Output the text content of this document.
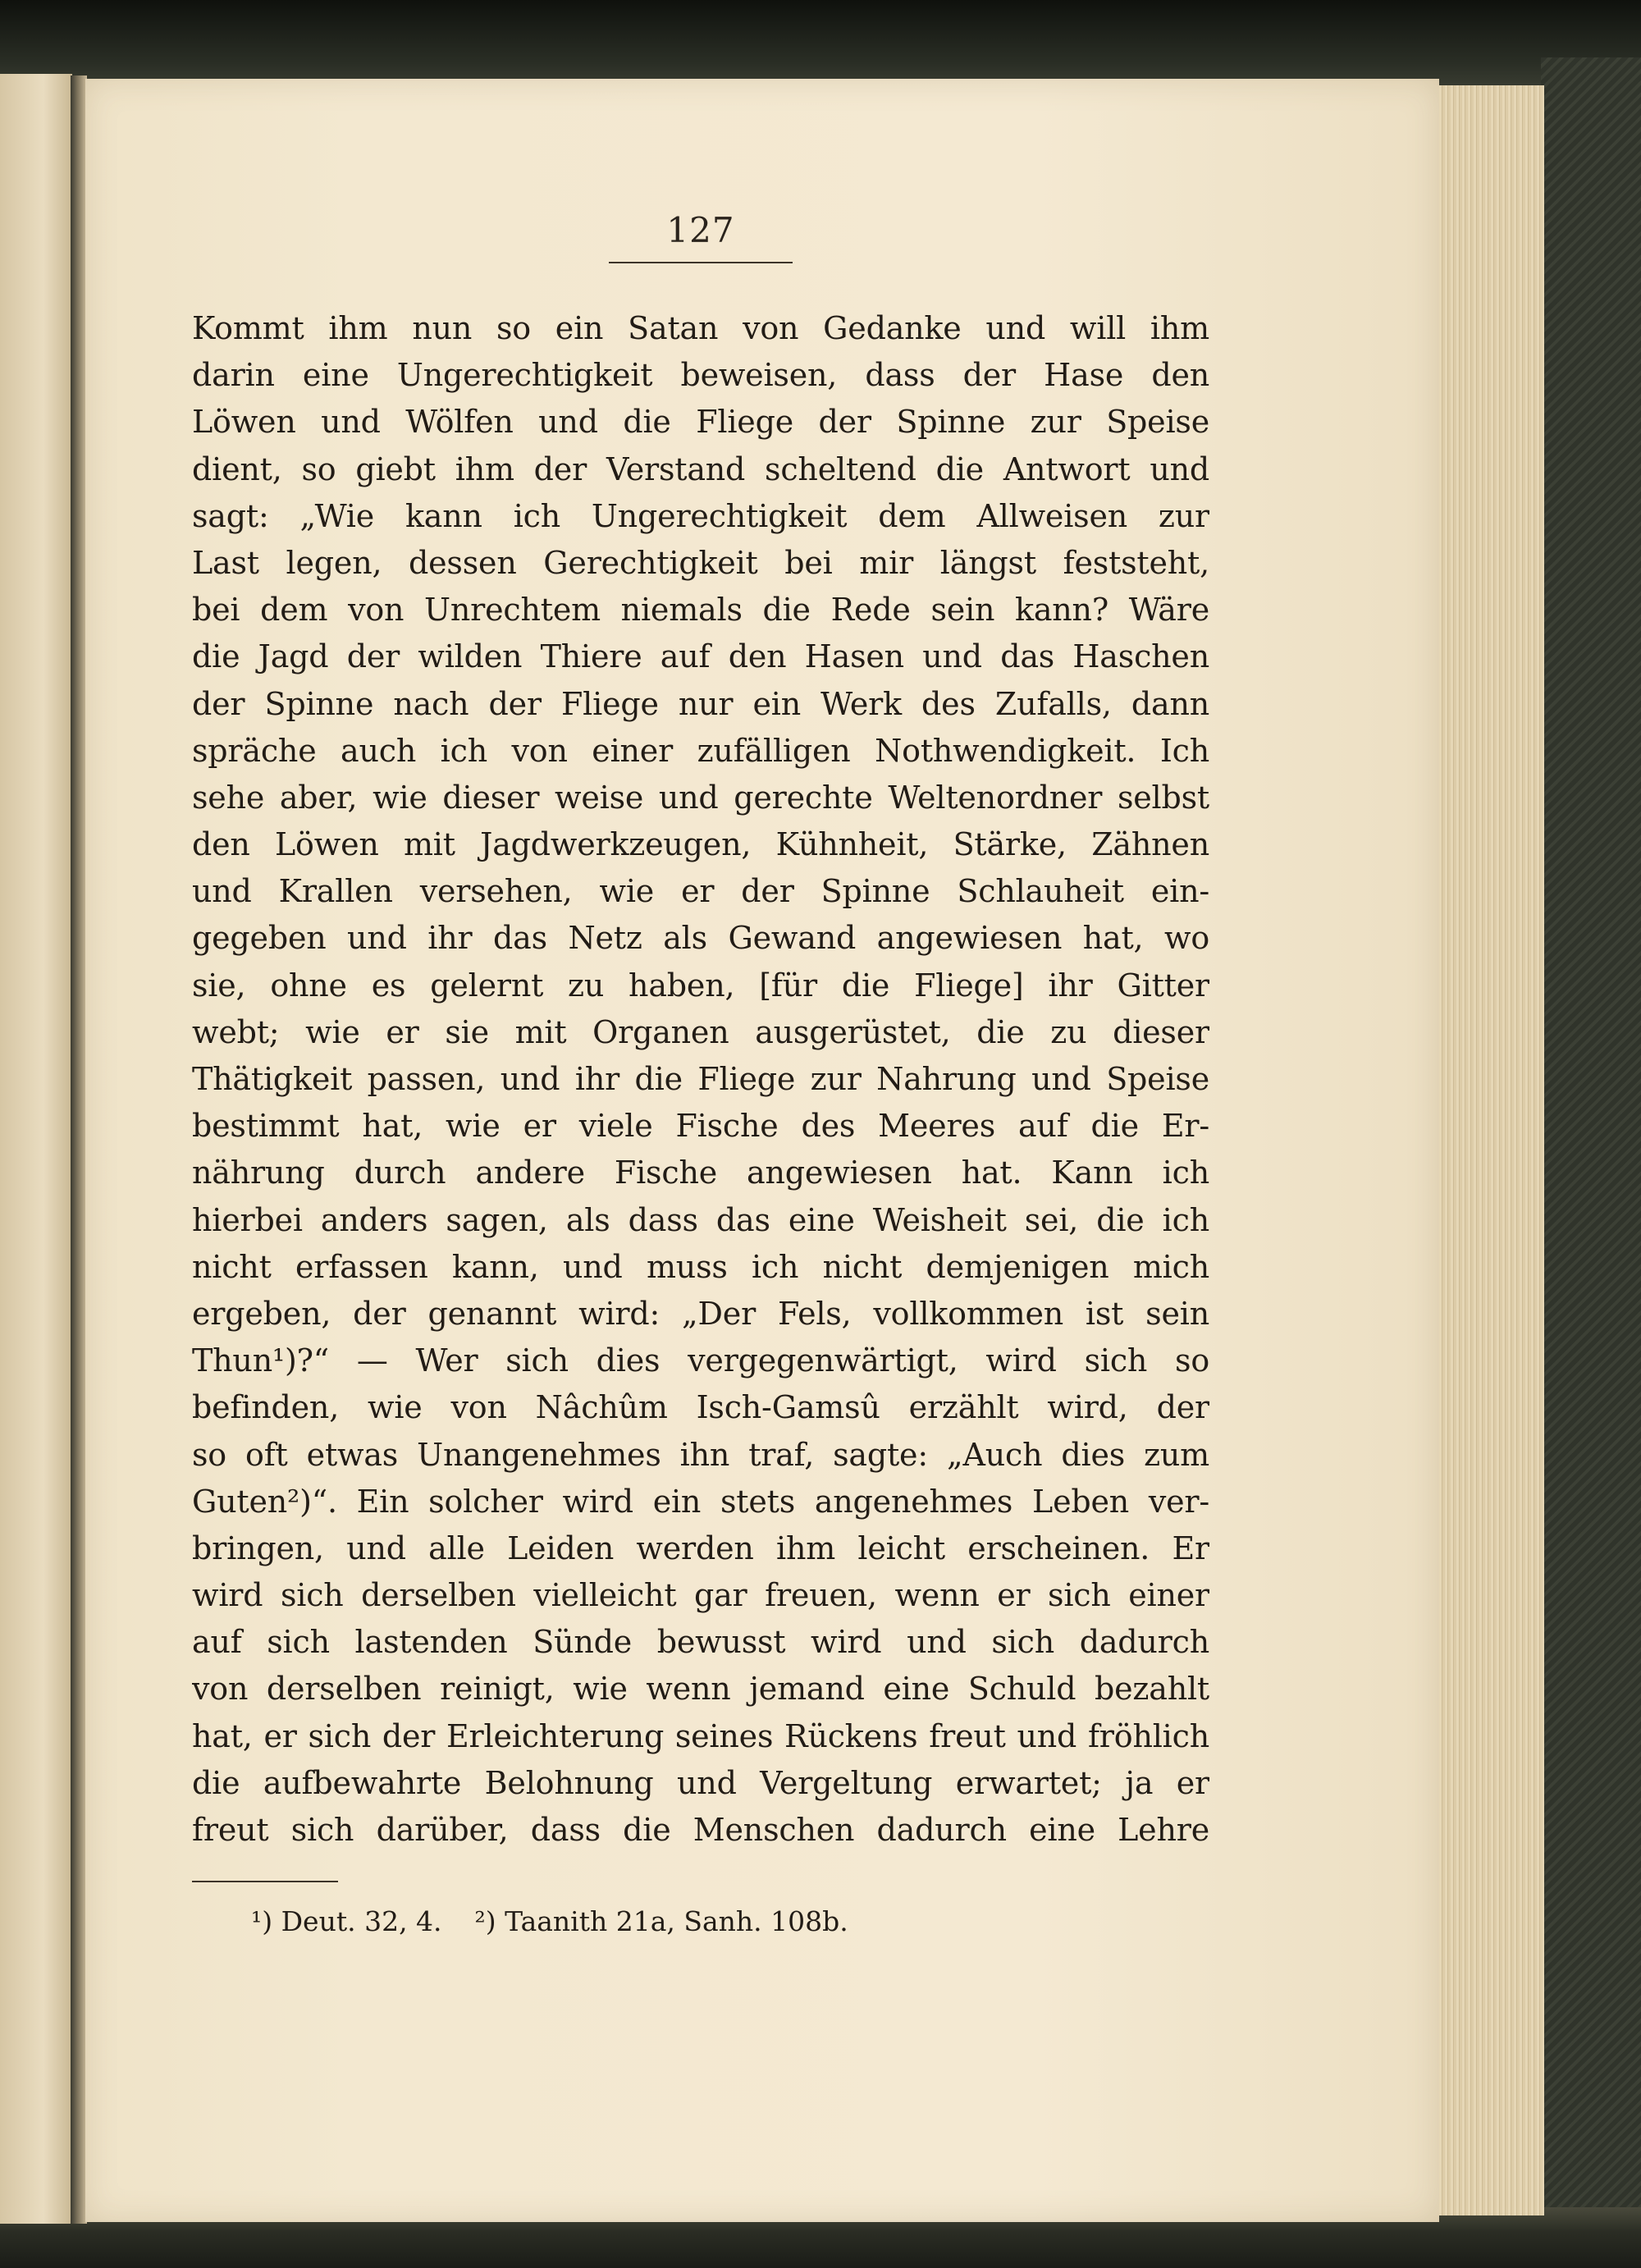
127
Kommt ihm nun so ein Satan von Gedanke und will ihm
darin eine Ungerechtigkeit beweisen, dass der Hase den
Löwen und Wölfen und die Fliege der Spinne zur Speise
dient, so giebt ihm der Verstand scheltend die Antwort und
sagt: „Wie kann ich Ungerechtigkeit dem Allweisen zur
Last legen, dessen Gerechtigkeit bei mir längst feststeht,
bei dem von Unrechtem niemals die Rede sein kann? Wäre
die Jagd der wilden Thiere auf den Hasen und das Haschen
der Spinne nach der Fliege nur ein Werk des Zufalls, dann
spräche auch ich von einer zufälligen Nothwendigkeit. Ich
sehe aber, wie dieser weise und gerechte Weltenordner selbst
den Löwen mit Jagdwerkzeugen, Kühnheit, Stärke, Zähnen
und Krallen versehen, wie er der Spinne Schlauheit ein-
gegeben und ihr das Netz als Gewand angewiesen hat, wo
sie, ohne es gelernt zu haben, [für die Fliege] ihr Gitter
webt; wie er sie mit Organen ausgerüstet, die zu dieser
Thätigkeit passen, und ihr die Fliege zur Nahrung und Speise
bestimmt hat, wie er viele Fische des Meeres auf die Er-
nährung durch andere Fische angewiesen hat. Kann ich
hierbei anders sagen, als dass das eine Weisheit sei, die ich
nicht erfassen kann, und muss ich nicht demjenigen mich
ergeben, der genannt wird: „Der Fels, vollkommen ist sein
Thun¹)?“ — Wer sich dies vergegenwärtigt, wird sich so
befinden, wie von Nâchûm Isch-Gamsû erzählt wird, der
so oft etwas Unangenehmes ihn traf, sagte: „Auch dies zum
Guten²)“. Ein solcher wird ein stets angenehmes Leben ver-
bringen, und alle Leiden werden ihm leicht erscheinen. Er
wird sich derselben vielleicht gar freuen, wenn er sich einer
auf sich lastenden Sünde bewusst wird und sich dadurch
von derselben reinigt, wie wenn jemand eine Schuld bezahlt
hat, er sich der Erleichterung seines Rückens freut und fröhlich
die aufbewahrte Belohnung und Vergeltung erwartet; ja er
freut sich darüber, dass die Menschen dadurch eine Lehre
¹) Deut. 32, 4. ²) Taanith 21a, Sanh. 108b.
